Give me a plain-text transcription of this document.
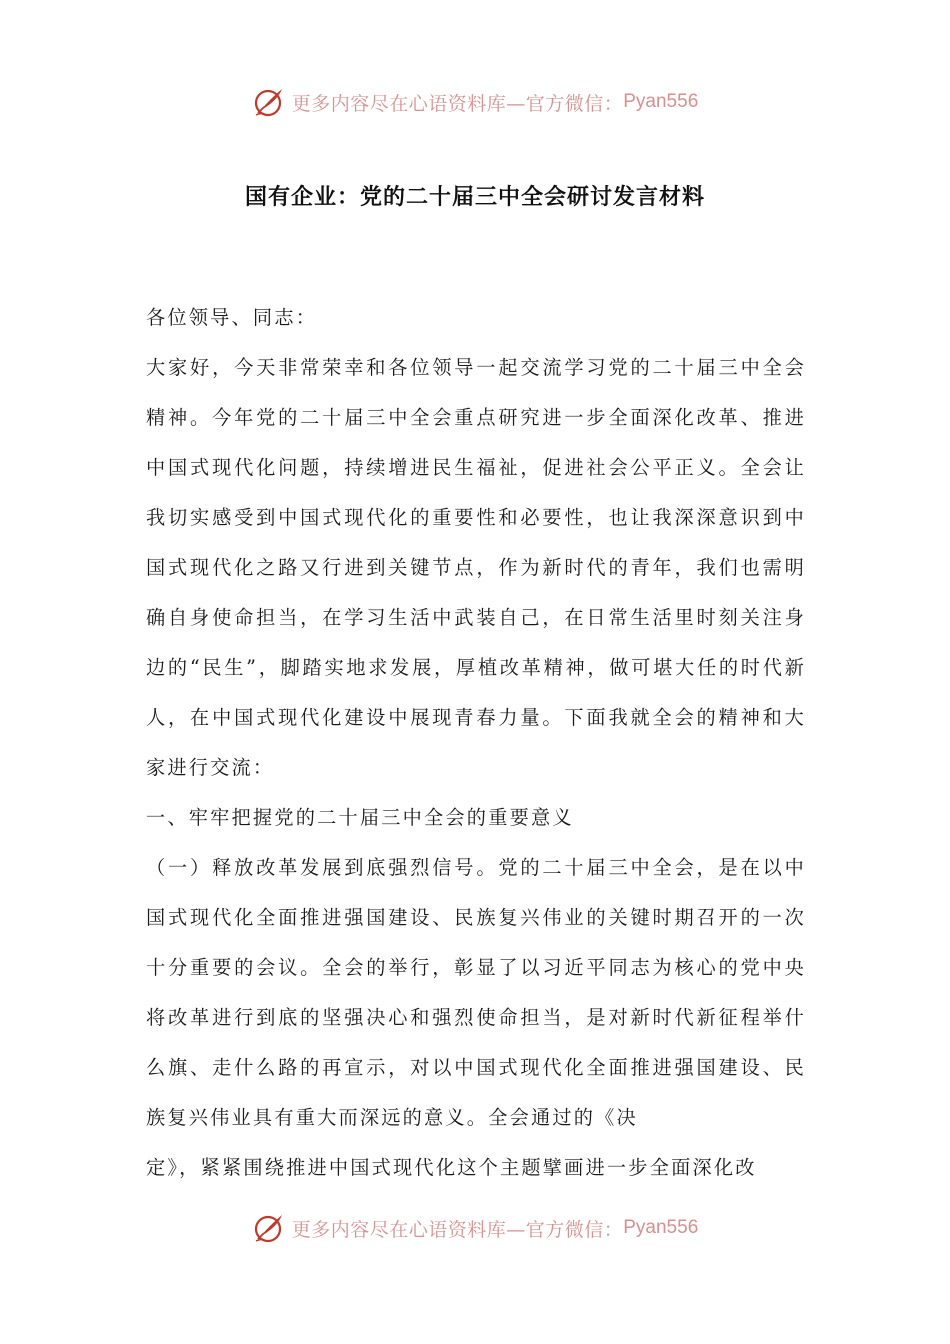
更多内容尽在心语资料库—官方微信： Pyan556
国有企业：党的二十届三中全会研讨发言材料

各位领导、同志：

大家好，今天非常荣幸和各位领导一起交流学习党的二十届三中全会精神。今年党的二十届三中全会重点研究进一步全面深化改革、推进中国式现代化问题，持续增进民生福祉，促进社会公平正义。全会让我切实感受到中国式现代化的重要性和必要性，也让我深深意识到中国式现代化之路又行进到关键节点，作为新时代的青年，我们也需明确自身使命担当，在学习生活中武装自己，在日常生活里时刻关注身边的“民生”，脚踏实地求发展，厚植改革精神，做可堪大任的时代新人，在中国式现代化建设中展现青春力量。下面我就全会的精神和大家进行交流：

一、牢牢把握党的二十届三中全会的重要意义

（一）释放改革发展到底强烈信号。党的二十届三中全会，是在以中国式现代化全面推进强国建设、民族复兴伟业的关键时期召开的一次十分重要的会议。全会的举行，彰显了以习近平同志为核心的党中央将改革进行到底的坚强决心和强烈使命担当，是对新时代新征程举什么旗、走什么路的再宣示，对以中国式现代化全面推进强国建设、民族复兴伟业具有重大而深远的意义。全会通过的《决

定》，紧紧围绕推进中国式现代化这个主题擘画进一步全面深化改

更多内容尽在心语资料库—官方微信： Pyan556
